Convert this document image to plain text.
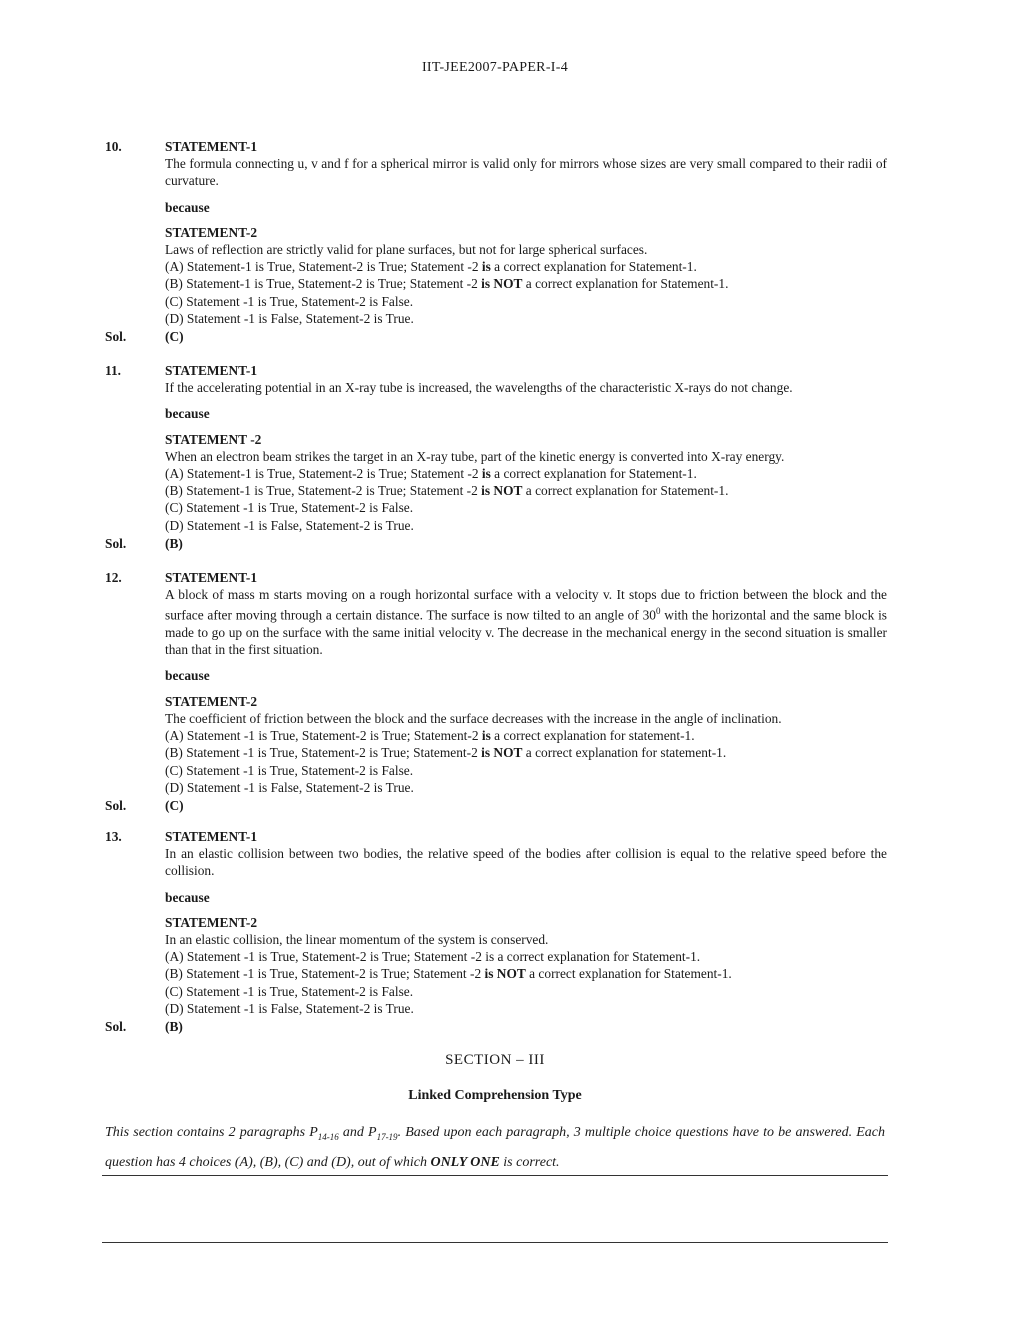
IIT-JEE2007-PAPER-I-4
10.	STATEMENT-1
The formula connecting u, v and f for a spherical mirror is valid only for mirrors whose sizes are very small compared to their radii of curvature.
because
STATEMENT-2
Laws of reflection are strictly valid for plane surfaces, but not for large spherical surfaces.
(A) Statement-1 is True, Statement-2 is True; Statement -2 is a correct explanation for Statement-1.
(B) Statement-1 is True, Statement-2 is True; Statement -2 is NOT a correct explanation for Statement-1.
(C) Statement -1 is True, Statement-2 is False.
(D) Statement -1 is False, Statement-2 is True.
Sol.	(C)
11.	STATEMENT-1
If the accelerating potential in an X-ray tube is increased, the wavelengths of the characteristic X-rays do not change.
because
STATEMENT -2
When an electron beam strikes the target in an X-ray tube, part of the kinetic energy is converted into X-ray energy.
(A) Statement-1 is True, Statement-2 is True; Statement -2 is a correct explanation for Statement-1.
(B) Statement-1 is True, Statement-2 is True; Statement -2 is NOT a correct explanation for Statement-1.
(C) Statement -1 is True, Statement-2 is False.
(D) Statement -1 is False, Statement-2 is True.
Sol.	(B)
12.	STATEMENT-1
A block of mass m starts moving on a rough horizontal surface with a velocity v. It stops due to friction between the block and the surface after moving through a certain distance. The surface is now tilted to an angle of $30^0$ with the horizontal and the same block is made to go up on the surface with the same initial velocity v. The decrease in the mechanical energy in the second situation is smaller than that in the first situation.
because
STATEMENT-2
The coefficient of friction between the block and the surface decreases with the increase in the angle of inclination.
(A) Statement -1 is True, Statement-2 is True; Statement-2 is a correct explanation for statement-1.
(B) Statement -1 is True, Statement-2 is True; Statement-2 is NOT a correct explanation for statement-1.
(C) Statement -1 is True, Statement-2 is False.
(D) Statement -1 is False, Statement-2 is True.
Sol.	(C)
13.	STATEMENT-1
In an elastic collision between two bodies, the relative speed of the bodies after collision is equal to the relative speed before the collision.
because
STATEMENT-2
In an elastic collision, the linear momentum of the system is conserved.
(A) Statement -1 is True, Statement-2 is True; Statement -2 is a correct explanation for Statement-1.
(B) Statement -1 is True, Statement-2 is True; Statement -2 is NOT a correct explanation for Statement-1.
(C) Statement -1 is True, Statement-2 is False.
(D) Statement -1 is False, Statement-2 is True.
Sol.	(B)
SECTION – III
Linked Comprehension Type
This section contains 2 paragraphs $P_{14-16}$ and $P_{17-19}$. Based upon each paragraph, 3 multiple choice questions have to be answered. Each question has 4 choices (A), (B), (C) and (D), out of which ONLY ONE is correct.
